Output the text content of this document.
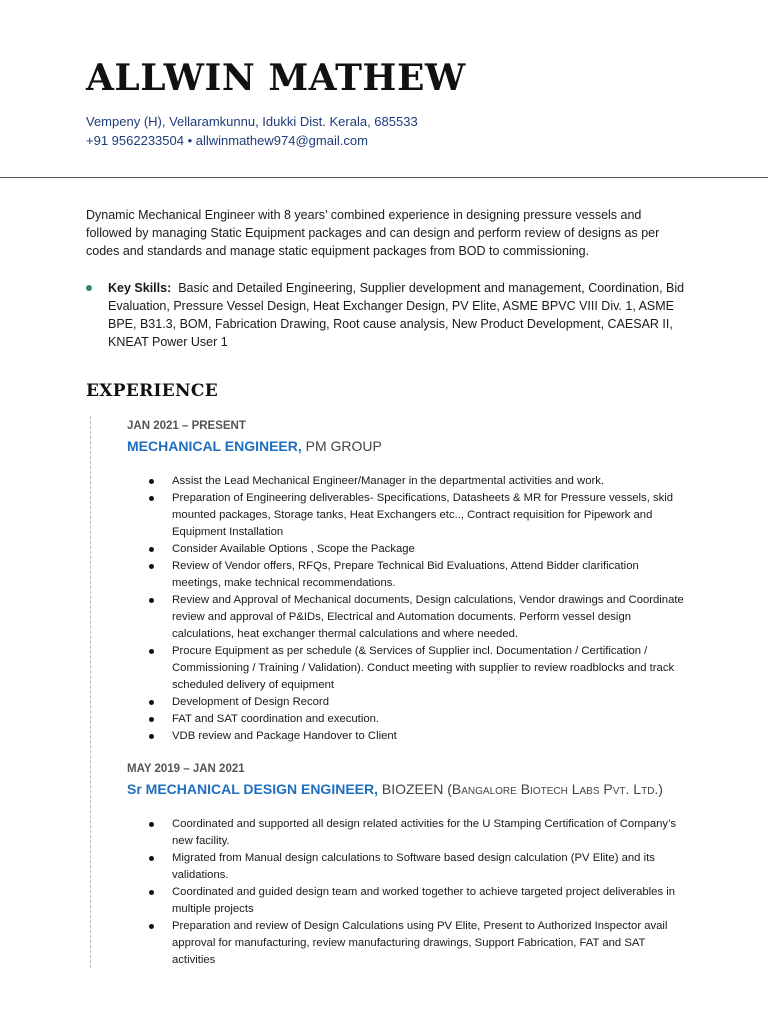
ALLWIN MATHEW
Vempeny (H), Vellaramkunnu, Idukki Dist. Kerala, 685533
+91 9562233504 • allwinmathew974@gmail.com
Dynamic Mechanical Engineer with 8 years’ combined experience in designing pressure vessels and followed by managing Static Equipment packages and can design and perform review of designs as per codes and standards and manage static equipment packages from BOD to commissioning.
Key Skills: Basic and Detailed Engineering, Supplier development and management, Coordination, Bid Evaluation, Pressure Vessel Design, Heat Exchanger Design, PV Elite, ASME BPVC VIII Div. 1, ASME BPE, B31.3, BOM, Fabrication Drawing, Root cause analysis, New Product Development, CAESAR II, KNEAT Power User 1
EXPERIENCE
JAN 2021 – PRESENT
MECHANICAL ENGINEER, PM GROUP
Assist the Lead Mechanical Engineer/Manager in the departmental activities and work.
Preparation of Engineering deliverables- Specifications, Datasheets & MR for Pressure vessels, skid mounted packages, Storage tanks, Heat Exchangers etc.., Contract requisition for Pipework and Equipment Installation
Consider Available Options , Scope the Package
Review of Vendor offers, RFQs, Prepare Technical Bid Evaluations, Attend Bidder clarification meetings, make technical recommendations.
Review and Approval of Mechanical documents, Design calculations, Vendor drawings and Coordinate review and approval of P&IDs, Electrical and Automation documents. Perform vessel design calculations, heat exchanger thermal calculations and where needed.
Procure Equipment as per schedule (& Services of Supplier incl. Documentation / Certification / Commissioning / Training / Validation). Conduct meeting with supplier to review roadblocks and track scheduled delivery of equipment
Development of Design Record
FAT and SAT coordination and execution.
VDB review and Package Handover to Client
MAY 2019 – JAN 2021
Sr MECHANICAL DESIGN ENGINEER, BIOZEEN (Bangalore Biotech Labs Pvt. Ltd.)
Coordinated and supported all design related activities for the U Stamping Certification of Company’s new facility.
Migrated from Manual design calculations to Software based design calculation (PV Elite) and its validations.
Coordinated and guided design team and worked together to achieve targeted project deliverables in multiple projects
Preparation and review of Design Calculations using PV Elite, Present to Authorized Inspector avail approval for manufacturing, review manufacturing drawings, Support Fabrication, FAT and SAT activities
